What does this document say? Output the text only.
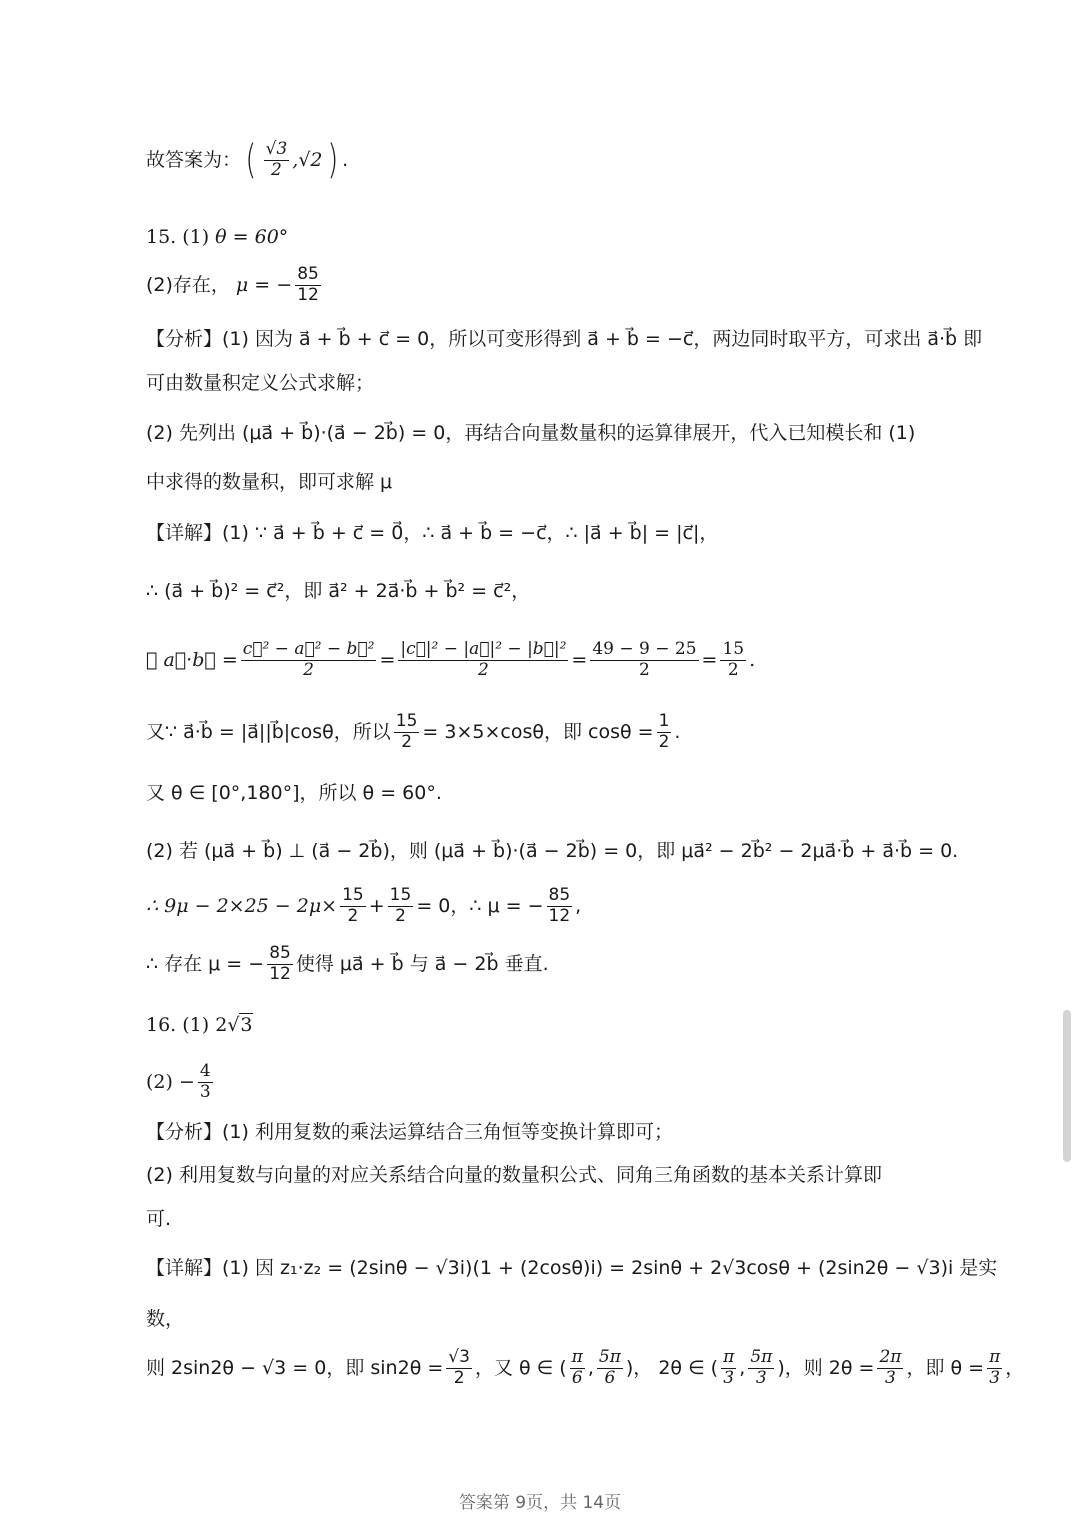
故答案为： ( $\frac{√3}{2} ,√2$ ) .
15. (1) θ = 60°
(2)存在， μ = − $\frac{85}{12}$
【分析】(1) 因为 a⃗ + b⃗ + c⃗ = 0，所以可变形得到 a⃗ + b⃗ = −c⃗，两边同时取平方，可求出 a⃗·b⃗ 即
可由数量积定义公式求解；
(2) 先列出 (μa⃗ + b⃗)·(a⃗ − 2b⃗) = 0，再结合向量数量积的运算律展开，代入已知模长和 (1)
中求得的数量积，即可求解 μ
【详解】(1) ∵ a⃗ + b⃗ + c⃗ = 0⃗，∴ a⃗ + b⃗ = −c⃗，∴ |a⃗ + b⃗| = |c⃗|，
∴ (a⃗ + b⃗)² = c⃗²，即 a⃗² + 2a⃗·b⃗ + b⃗² = c⃗²，
∴ a⃗·b⃗ = $\frac{\text{c⃗² − a⃗² − b⃗²}}{2} = \frac{\text{|c⃗|² − |a⃗|² − |b⃗|²}}{2} = \frac{49 - 9 - 25}{2} = \frac{15}{2}$ .
又∵ a⃗·b⃗ = |a⃗||b⃗|cosθ，所以 $\frac{15}{2} = 3\times 5\times\cos\theta$，即 $\cos\theta = \frac{1}{2}$ .
又 θ ∈ [0°,180°]，所以 θ = 60°.
(2) 若 (μa⃗ + b⃗) ⊥ (a⃗ − 2b⃗)，则 (μa⃗ + b⃗)·(a⃗ − 2b⃗) = 0，即 μa⃗² − 2b⃗² − 2μa⃗·b⃗ + a⃗·b⃗ = 0.
∴ $9\mu - 2\times 25 - 2\mu\times \frac{15}{2} + \frac{15}{2} = 0$，∴ μ = − $\frac{85}{12}$ ,
∴ 存在 μ = − $\frac{85}{12}$ 使得 μa⃗ + b⃗ 与 a⃗ − 2b⃗ 垂直.
16. (1) 2 √ 3
$(2) - \frac{4}{3}$
【分析】(1) 利用复数的乘法运算结合三角恒等变换计算即可；
(2) 利用复数与向量的对应关系结合向量的数量积公式、同角三角函数的基本关系计算即
可.
【详解】(1) 因 z₁·z₂ = (2sinθ − √3i)(1 + (2cosθ)i) = 2sinθ + 2√3cosθ + (2sin2θ − √3)i 是实
数，
则 2sin2θ − √3 = 0，即 $\sin 2\theta = \frac{√3}{2}$ ，又 θ ∈ ( $\frac{\pi}{6}$ , $\frac{5\pi}{6}$ )， 2θ ∈ ( $\frac{\pi}{3}$ , $\frac{5\pi}{3}$ )，则 $2\theta = \frac{2\pi}{3}$ ，即 $\theta = \frac{\pi}{3}$ ，
答案第 9页，共 14页
